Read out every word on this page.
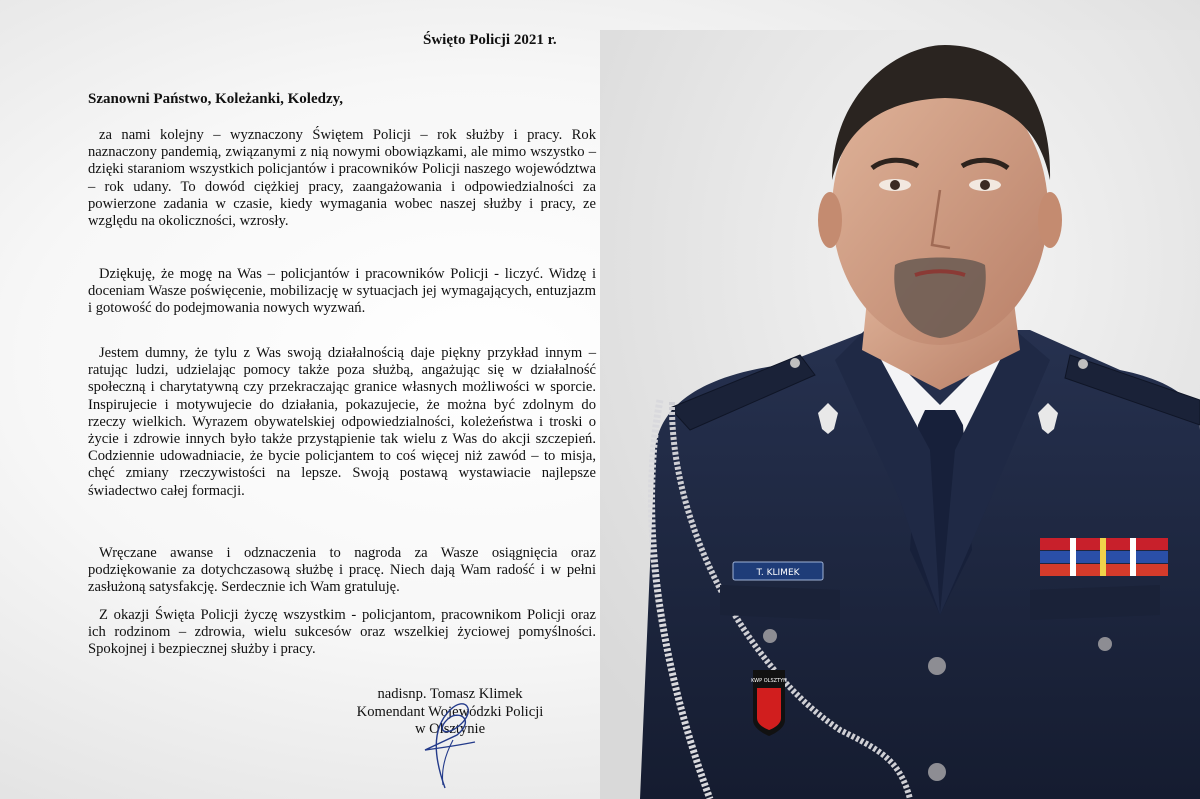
Święto Policji 2021 r.

Szanowni Państwo, Koleżanki, Koledzy,

za nami kolejny – wyznaczony Świętem Policji – rok służby i pracy. Rok naznaczony pandemią, związanymi z nią nowymi obowiązkami, ale mimo wszystko – dzięki staraniom wszystkich policjantów i pracowników Policji naszego województwa – rok udany. To dowód ciężkiej pracy, zaangażowania i odpowiedzialności za powierzone zadania w czasie, kiedy wymagania wobec naszej służby i pracy, ze względu na okoliczności, wzrosły.

Dziękuję, że mogę na Was – policjantów i pracowników Policji - liczyć. Widzę i doceniam Wasze poświęcenie, mobilizację w sytuacjach jej wymagających, entuzjazm i gotowość do podejmowania nowych wyzwań.

Jestem dumny, że tylu z Was swoją działalnością daje piękny przykład innym – ratując ludzi, udzielając pomocy także poza służbą, angażując się w działalność społeczną i charytatywną czy przekraczając granice własnych możliwości w sporcie. Inspirujecie i motywujecie do działania, pokazujecie, że można być zdolnym do rzeczy wielkich. Wyrazem obywatelskiej odpowiedzialności, koleżeństwa i troski o życie i zdrowie innych było także przystąpienie tak wielu z Was do akcji szczepień. Codziennie udowadniacie, że bycie policjantem to coś więcej niż zawód – to misja, chęć zmiany rzeczywistości na lepsze. Swoją postawą wystawiacie najlepsze świadectwo całej formacji.

Wręczane awanse i odznaczenia to nagroda za Wasze osiągnięcia oraz podziękowanie za dotychczasową służbę i pracę. Niech dają Wam radość i w pełni zasłużoną satysfakcję. Serdecznie ich Wam gratuluję.

Z okazji Święta Policji życzę wszystkim - policjantom, pracownikom Policji oraz ich rodzinom – zdrowia, wielu sukcesów oraz wszelkiej życiowej pomyślności. Spokojnej i bezpiecznej służby i pracy.

nadisnp. Tomasz Klimek
Komendant Wojewódzki Policji
w Olsztynie
T. KLIMEK
KWP OLSZTYN
